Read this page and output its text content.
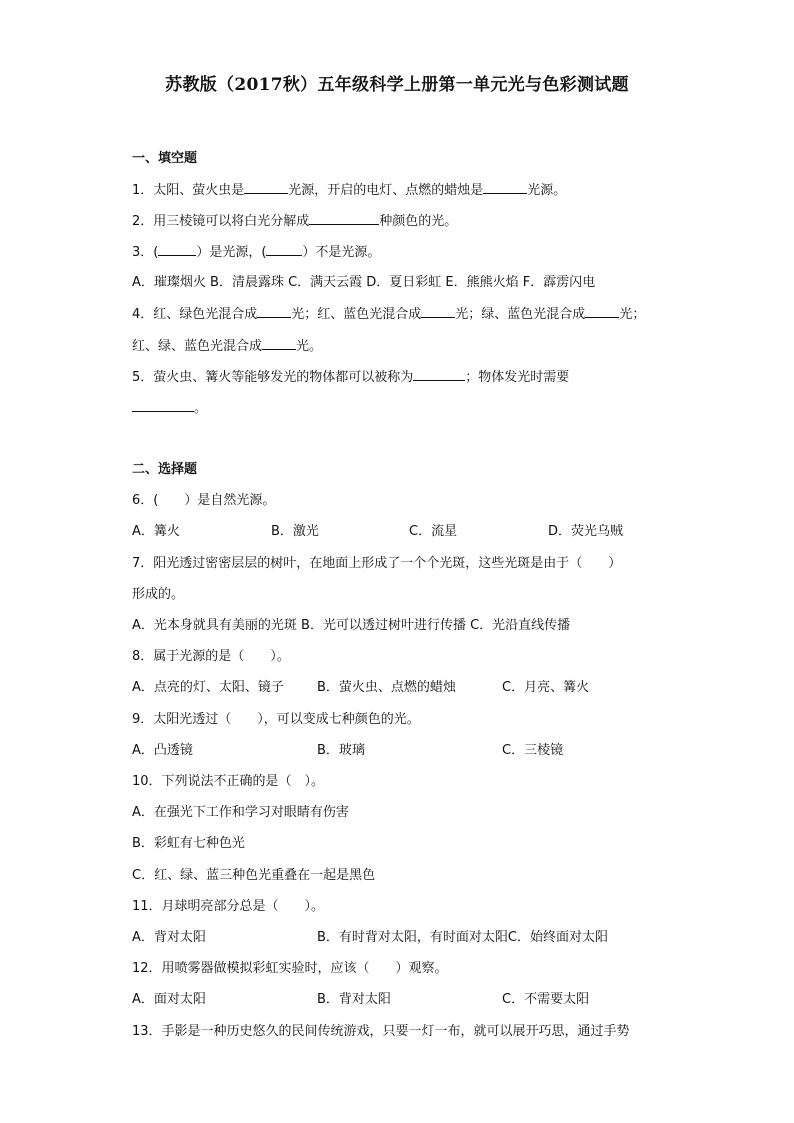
苏教版（2017秋）五年级科学上册第一单元光与色彩测试题
一、填空题
1．太阳、萤火虫是	光源，开启的电灯、点燃的蜡烛是	光源。
2．用三棱镜可以将白光分解成	种颜色的光。
3．(	）是光源，(	）不是光源。
A．璀璨烟火 B．清晨露珠 C．满天云霞 D．夏日彩虹 E．熊熊火焰 F．霹雳闪电
4．红、绿色光混合成	光；红、蓝色光混合成	光；绿、蓝色光混合成	光；
红、绿、蓝色光混合成	光。
5．萤火虫、篝火等能够发光的物体都可以被称为	；物体发光时需要
。
二、选择题
6．(　　）是自然光源。
A．篝火	B．激光	C．流星	D．荧光乌贼
7．阳光透过密密层层的树叶，在地面上形成了一个个光斑，这些光斑是由于（　　）
形成的。
A．光本身就具有美丽的光斑 B．光可以透过树叶进行传播 C．光沿直线传播
8．属于光源的是（　　）。
A．点亮的灯、太阳、镜子	B．萤火虫、点燃的蜡烛	C．月亮、篝火
9．太阳光透过（　　），可以变成七种颜色的光。
A．凸透镜	B．玻璃	C．三棱镜
10．下列说法不正确的是（　）。
A．在强光下工作和学习对眼睛有伤害
B．彩虹有七种色光
C．红、绿、蓝三种色光重叠在一起是黑色
11．月球明亮部分总是（　　）。
A．背对太阳	B．有时背对太阳，有时面对太阳C．始终面对太阳
12．用喷雾器做模拟彩虹实验时，应该（　　）观察。
A．面对太阳	B．背对太阳	C．不需要太阳
13．手影是一种历史悠久的民间传统游戏，只要一灯一布，就可以展开巧思，通过手势
